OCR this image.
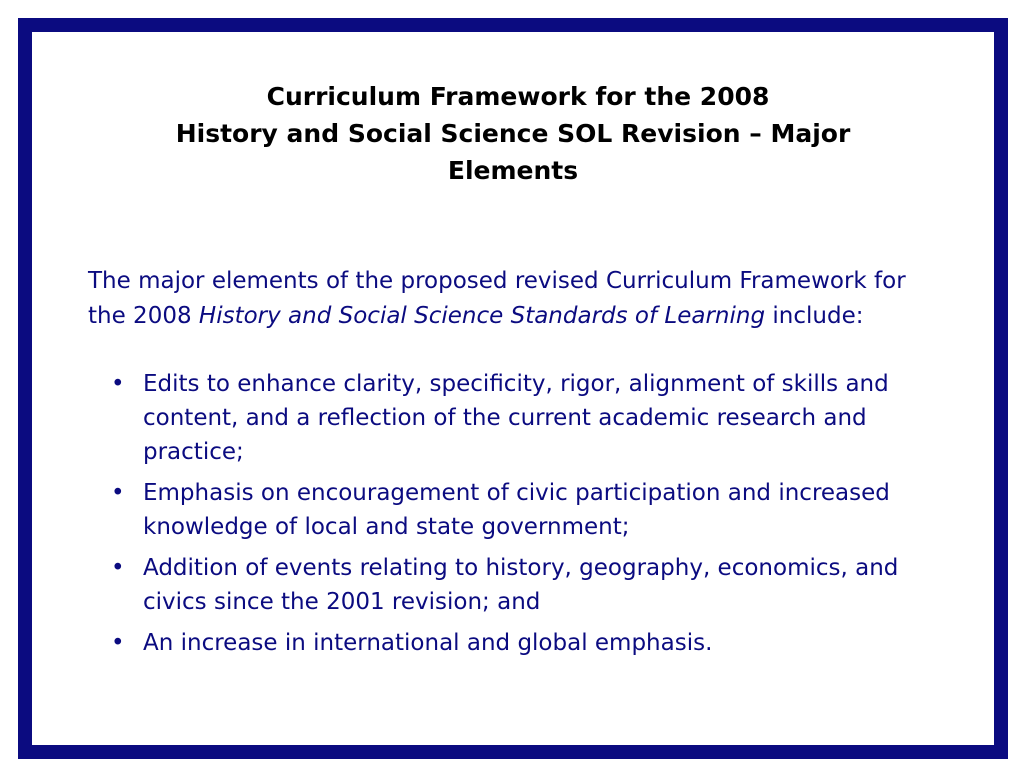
Curriculum Framework for the 2008
History and Social Science SOL Revision – Major
Elements

The major elements of the proposed revised Curriculum Framework for the 2008 History and Social Science Standards of Learning include:

• Edits to enhance clarity, specificity, rigor, alignment of skills and content, and a reflection of the current academic research and practice;
• Emphasis on encouragement of civic participation and increased knowledge of local and state government;
• Addition of events relating to history, geography, economics, and civics since the 2001 revision; and
• An increase in international and global emphasis.
